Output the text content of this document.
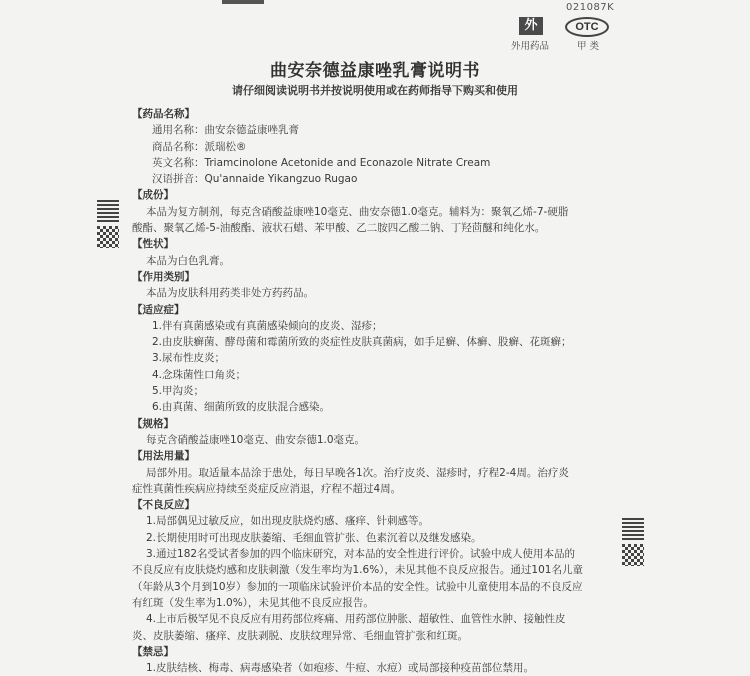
021087K
外	OTC
外用药品	甲 类
曲安奈德益康唑乳膏说明书
请仔细阅读说明书并按说明使用或在药师指导下购买和使用
【药品名称】
通用名称：曲安奈德益康唑乳膏
商品名称：派瑞松®
英文名称：Triamcinolone Acetonide and Econazole Nitrate Cream
汉语拼音：Qu'annaide Yikangzuo Rugao
【成份】
本品为复方制剂，每克含硝酸益康唑10毫克、曲安奈德1.0毫克。辅料为：聚氧乙烯-7-硬脂
酸酯、聚氧乙烯-5-油酸酯、液状石蜡、苯甲酸、乙二胺四乙酸二钠、丁羟茴醚和纯化水。
【性状】
本品为白色乳膏。
【作用类别】
本品为皮肤科用药类非处方药药品。
【适应症】
1.伴有真菌感染或有真菌感染倾向的皮炎、湿疹；
2.由皮肤癣菌、酵母菌和霉菌所致的炎症性皮肤真菌病，如手足癣、体癣、股癣、花斑癣；
3.尿布性皮炎；
4.念珠菌性口角炎；
5.甲沟炎；
6.由真菌、细菌所致的皮肤混合感染。
【规格】
每克含硝酸益康唑10毫克、曲安奈德1.0毫克。
【用法用量】
局部外用。取适量本品涂于患处，每日早晚各1次。治疗皮炎、湿疹时，疗程2-4周。治疗炎
症性真菌性疾病应持续至炎症反应消退，疗程不超过4周。
【不良反应】
1.局部偶见过敏反应，如出现皮肤烧灼感、瘙痒、针刺感等。
2.长期使用时可出现皮肤萎缩、毛细血管扩张、色素沉着以及继发感染。
3.通过182名受试者参加的四个临床研究，对本品的安全性进行评价。试验中成人使用本品的
不良反应有皮肤烧灼感和皮肤刺激（发生率均为1.6%），未见其他不良反应报告。通过101名儿童
（年龄从3个月到10岁）参加的一项临床试验评价本品的安全性。试验中儿童使用本品的不良反应
有红斑（发生率为1.0%），未见其他不良反应报告。
4.上市后极罕见不良反应有用药部位疼痛、用药部位肿胀、超敏性、血管性水肿、接触性皮
炎、皮肤萎缩、瘙痒、皮肤剥脱、皮肤纹理异常、毛细血管扩张和红斑。
【禁忌】
1.皮肤结核、梅毒、病毒感染者（如疱疹、牛痘、水痘）或局部接种疫苗部位禁用。
